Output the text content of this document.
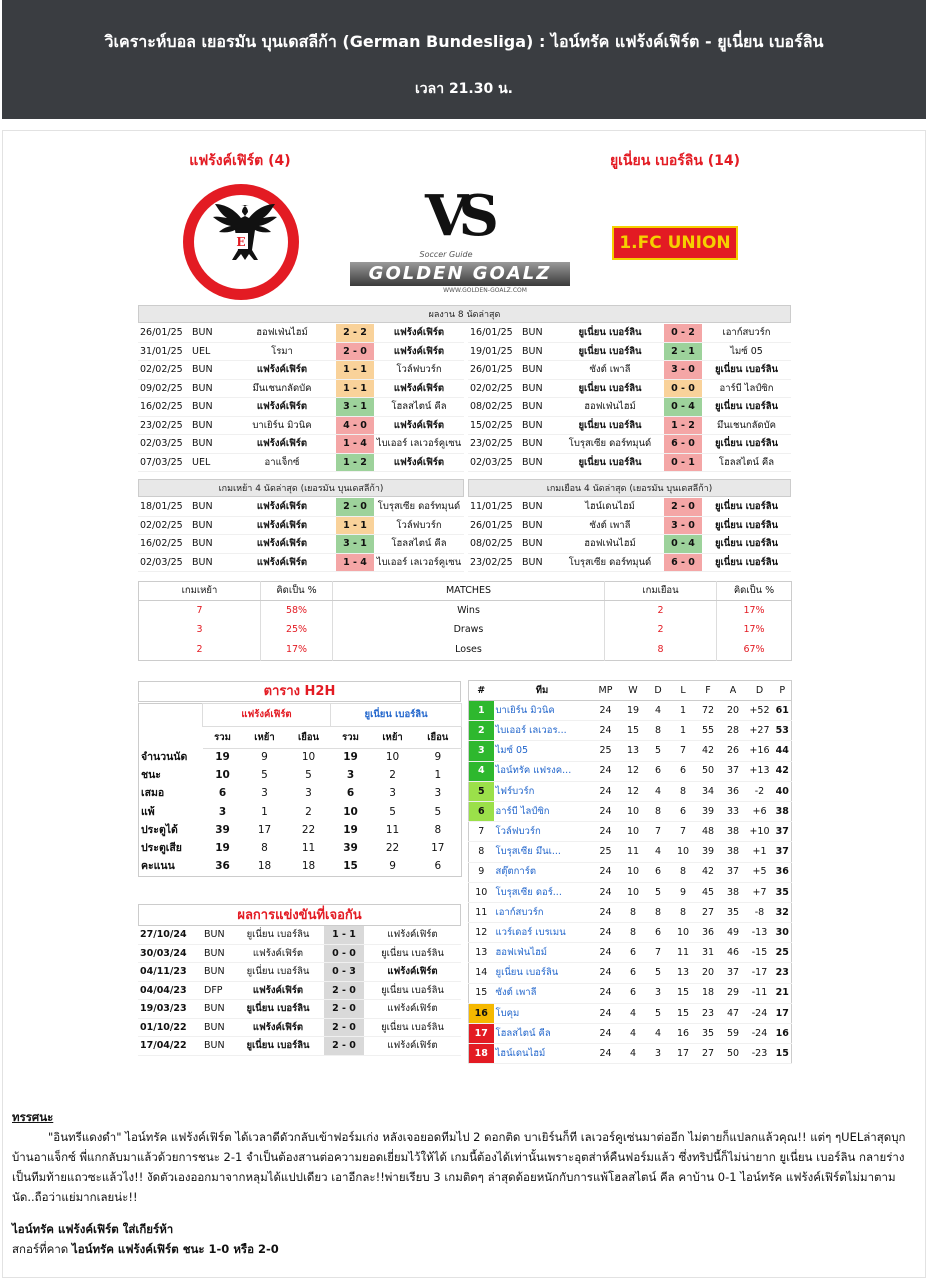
วิเคราะห์บอล เยอรมัน บุนเดสลีก้า (German Bundesliga) : ไอน์ทรัค แฟร้งค์เฟิร์ต - ยูเนี่ยน เบอร์ลิน
เวลา 21.30 น.
แฟร้งค์เฟิร์ต (4)	ยูเนี่ยน เบอร์ลิน (14)
E	VS
Soccer Guide
GOLDEN GOALZ
WWW.GOLDEN-GOALZ.COM
1.FC UNION
ผลงาน 8 นัดล่าสุด
26/01/25	BUN	ฮอฟเฟ่นไฮม์	2 - 2	แฟร้งค์เฟิร์ต
31/01/25	UEL	โรมา	2 - 0	แฟร้งค์เฟิร์ต
02/02/25	BUN	แฟร้งค์เฟิร์ต	1 - 1	โวล์ฟบวร์ก
09/02/25	BUN	มึนเชนกลัดบัค	1 - 1	แฟร้งค์เฟิร์ต
16/02/25	BUN	แฟร้งค์เฟิร์ต	3 - 1	โฮลสไตน์ คีล
23/02/25	BUN	บาเยิร์น มิวนิค	4 - 0	แฟร้งค์เฟิร์ต
02/03/25	BUN	แฟร้งค์เฟิร์ต	1 - 4	ไบเออร์ เลเวอร์คูเซน
07/03/25	UEL	อาแจ็กซ์	1 - 2	แฟร้งค์เฟิร์ต
16/01/25	BUN	ยูเนี่ยน เบอร์ลิน	0 - 2	เอาก์สบวร์ก
19/01/25	BUN	ยูเนี่ยน เบอร์ลิน	2 - 1	ไมซ์ 05
26/01/25	BUN	ซังต์ เพาลี	3 - 0	ยูเนี่ยน เบอร์ลิน
02/02/25	BUN	ยูเนี่ยน เบอร์ลิน	0 - 0	อาร์บี ไลป์ซิก
08/02/25	BUN	ฮอฟเฟ่นไฮม์	0 - 4	ยูเนี่ยน เบอร์ลิน
15/02/25	BUN	ยูเนี่ยน เบอร์ลิน	1 - 2	มึนเชนกลัดบัค
23/02/25	BUN	โบรุสเซีย ดอร์ทมุนด์	6 - 0	ยูเนี่ยน เบอร์ลิน
02/03/25	BUN	ยูเนี่ยน เบอร์ลิน	0 - 1	โฮลสไตน์ คีล
เกมเหย้า 4 นัดล่าสุด (เยอรมัน บุนเดสลีก้า)	เกมเยือน 4 นัดล่าสุด (เยอรมัน บุนเดสลีก้า)
18/01/25	BUN	แฟร้งค์เฟิร์ต	2 - 0	โบรุสเซีย ดอร์ทมุนด์
02/02/25	BUN	แฟร้งค์เฟิร์ต	1 - 1	โวล์ฟบวร์ก
16/02/25	BUN	แฟร้งค์เฟิร์ต	3 - 1	โฮลสไตน์ คีล
02/03/25	BUN	แฟร้งค์เฟิร์ต	1 - 4	ไบเออร์ เลเวอร์คูเซน
11/01/25	BUN	ไฮน์เดนไฮม์	2 - 0	ยูเนี่ยน เบอร์ลิน
26/01/25	BUN	ซังต์ เพาลี	3 - 0	ยูเนี่ยน เบอร์ลิน
08/02/25	BUN	ฮอฟเฟ่นไฮม์	0 - 4	ยูเนี่ยน เบอร์ลิน
23/02/25	BUN	โบรุสเซีย ดอร์ทมุนด์	6 - 0	ยูเนี่ยน เบอร์ลิน
เกมเหย้า	คิดเป็น %	MATCHES	เกมเยือน	คิดเป็น %
7	58%	Wins	2	17%
3	25%	Draws	2	17%
2	17%	Loses	8	67%
ตาราง H2H
	แฟร้งค์เฟิร์ต			ยูเนี่ยน เบอร์ลิน		
	รวม	เหย้า	เยือน	รวม	เหย้า	เยือน
จำนวนนัด	19	9	10	19	10	9
ชนะ	10	5	5	3	2	1
เสมอ	6	3	3	6	3	3
แพ้	3	1	2	10	5	5
ประตูได้	39	17	22	19	11	8
ประตูเสีย	19	8	11	39	22	17
คะแนน	36	18	18	15	9	6
ผลการแข่งขันที่เจอกัน
27/10/24	BUN	ยูเนี่ยน เบอร์ลิน	1 - 1	แฟร้งค์เฟิร์ต
30/03/24	BUN	แฟร้งค์เฟิร์ต	0 - 0	ยูเนี่ยน เบอร์ลิน
04/11/23	BUN	ยูเนี่ยน เบอร์ลิน	0 - 3	แฟร้งค์เฟิร์ต
04/04/23	DFP	แฟร้งค์เฟิร์ต	2 - 0	ยูเนี่ยน เบอร์ลิน
19/03/23	BUN	ยูเนี่ยน เบอร์ลิน	2 - 0	แฟร้งค์เฟิร์ต
01/10/22	BUN	แฟร้งค์เฟิร์ต	2 - 0	ยูเนี่ยน เบอร์ลิน
17/04/22	BUN	ยูเนี่ยน เบอร์ลิน	2 - 0	แฟร้งค์เฟิร์ต
#	ทีม	MP	W	D	L	F	A	D	P
1	บาเยิร์น มิวนิค	24	19	4	1	72	20	+52	61
2	ไบเออร์ เลเวอร...	24	15	8	1	55	28	+27	53
3	ไมซ์ 05	25	13	5	7	42	26	+16	44
4	ไอน์ทรัค แฟรงค...	24	12	6	6	50	37	+13	42
5	ไฟร์บวร์ก	24	12	4	8	34	36	-2	40
6	อาร์บี ไลป์ซิก	24	10	8	6	39	33	+6	38
7	โวล์ฟบวร์ก	24	10	7	7	48	38	+10	37
8	โบรุสเซีย มึนเ...	25	11	4	10	39	38	+1	37
9	สตุ๊ตการ์ต	24	10	6	8	42	37	+5	36
10	โบรุสเซีย ดอร์...	24	10	5	9	45	38	+7	35
11	เอาก์สบวร์ก	24	8	8	8	27	35	-8	32
12	แวร์เดอร์ เบรเมน	24	8	6	10	36	49	-13	30
13	ฮอฟเฟ่นไฮม์	24	6	7	11	31	46	-15	25
14	ยูเนี่ยน เบอร์ลิน	24	6	5	13	20	37	-17	23
15	ซังต์ เพาลี	24	6	3	15	18	29	-11	21
16	โบคุม	24	4	5	15	23	47	-24	17
17	โฮลสไตน์ คีล	24	4	4	16	35	59	-24	16
18	ไฮน์เดนไฮม์	24	4	3	17	27	50	-23	15
ทรรศนะ
"อินทรีแดงดำ" ไอน์ทรัค แฟร้งค์เฟิร์ต ได้เวลาดีดัวกลับเข้าฟอร์มเก่ง หลังเจอยอดทีมไป 2 ดอกติด บาเยิร์นก็ที เลเวอร์คูเซ่นมาต่ออีก ไม่ตายก็แปลกแล้วคุณ!! แต่ๆ ๆUELล่าสุดบุกบ้านอาแจ็กซ์ พี่แกกลับมาแล้วด้วยการชนะ 2-1 จำเป็นต้องสานต่อความยอดเยี่ยมไว้ให้ได้ เกมนี้ต้องได้เท่านั้นเพราะอุตส่าห์คืนฟอร์มแล้ว ซึ่งทริปนี้ก็ไม่น่ายาก ยูเนี่ยน เบอร์ลิน กลายร่างเป็นทีมท้ายแถวซะแล้วไง!! งัดตัวเองออกมาจากหลุมได้แปปเดียว เอาอีกละ!!พ่ายเรียบ 3 เกมติดๆ ล่าสุดด้อยหนักกับการแพ้โฮลสไตน์ คีล คาบ้าน 0-1 ไอน์ทรัค แฟร้งค์เฟิร์ตไม่มาตามนัด..ถือว่าแย่มากเลยน่ะ!!
ไอน์ทรัค แฟร้งค์เฟิร์ต ใส่เกียร์ห้า
สกอร์ที่คาด ไอน์ทรัค แฟร้งค์เฟิร์ต ชนะ 1-0 หรือ 2-0
